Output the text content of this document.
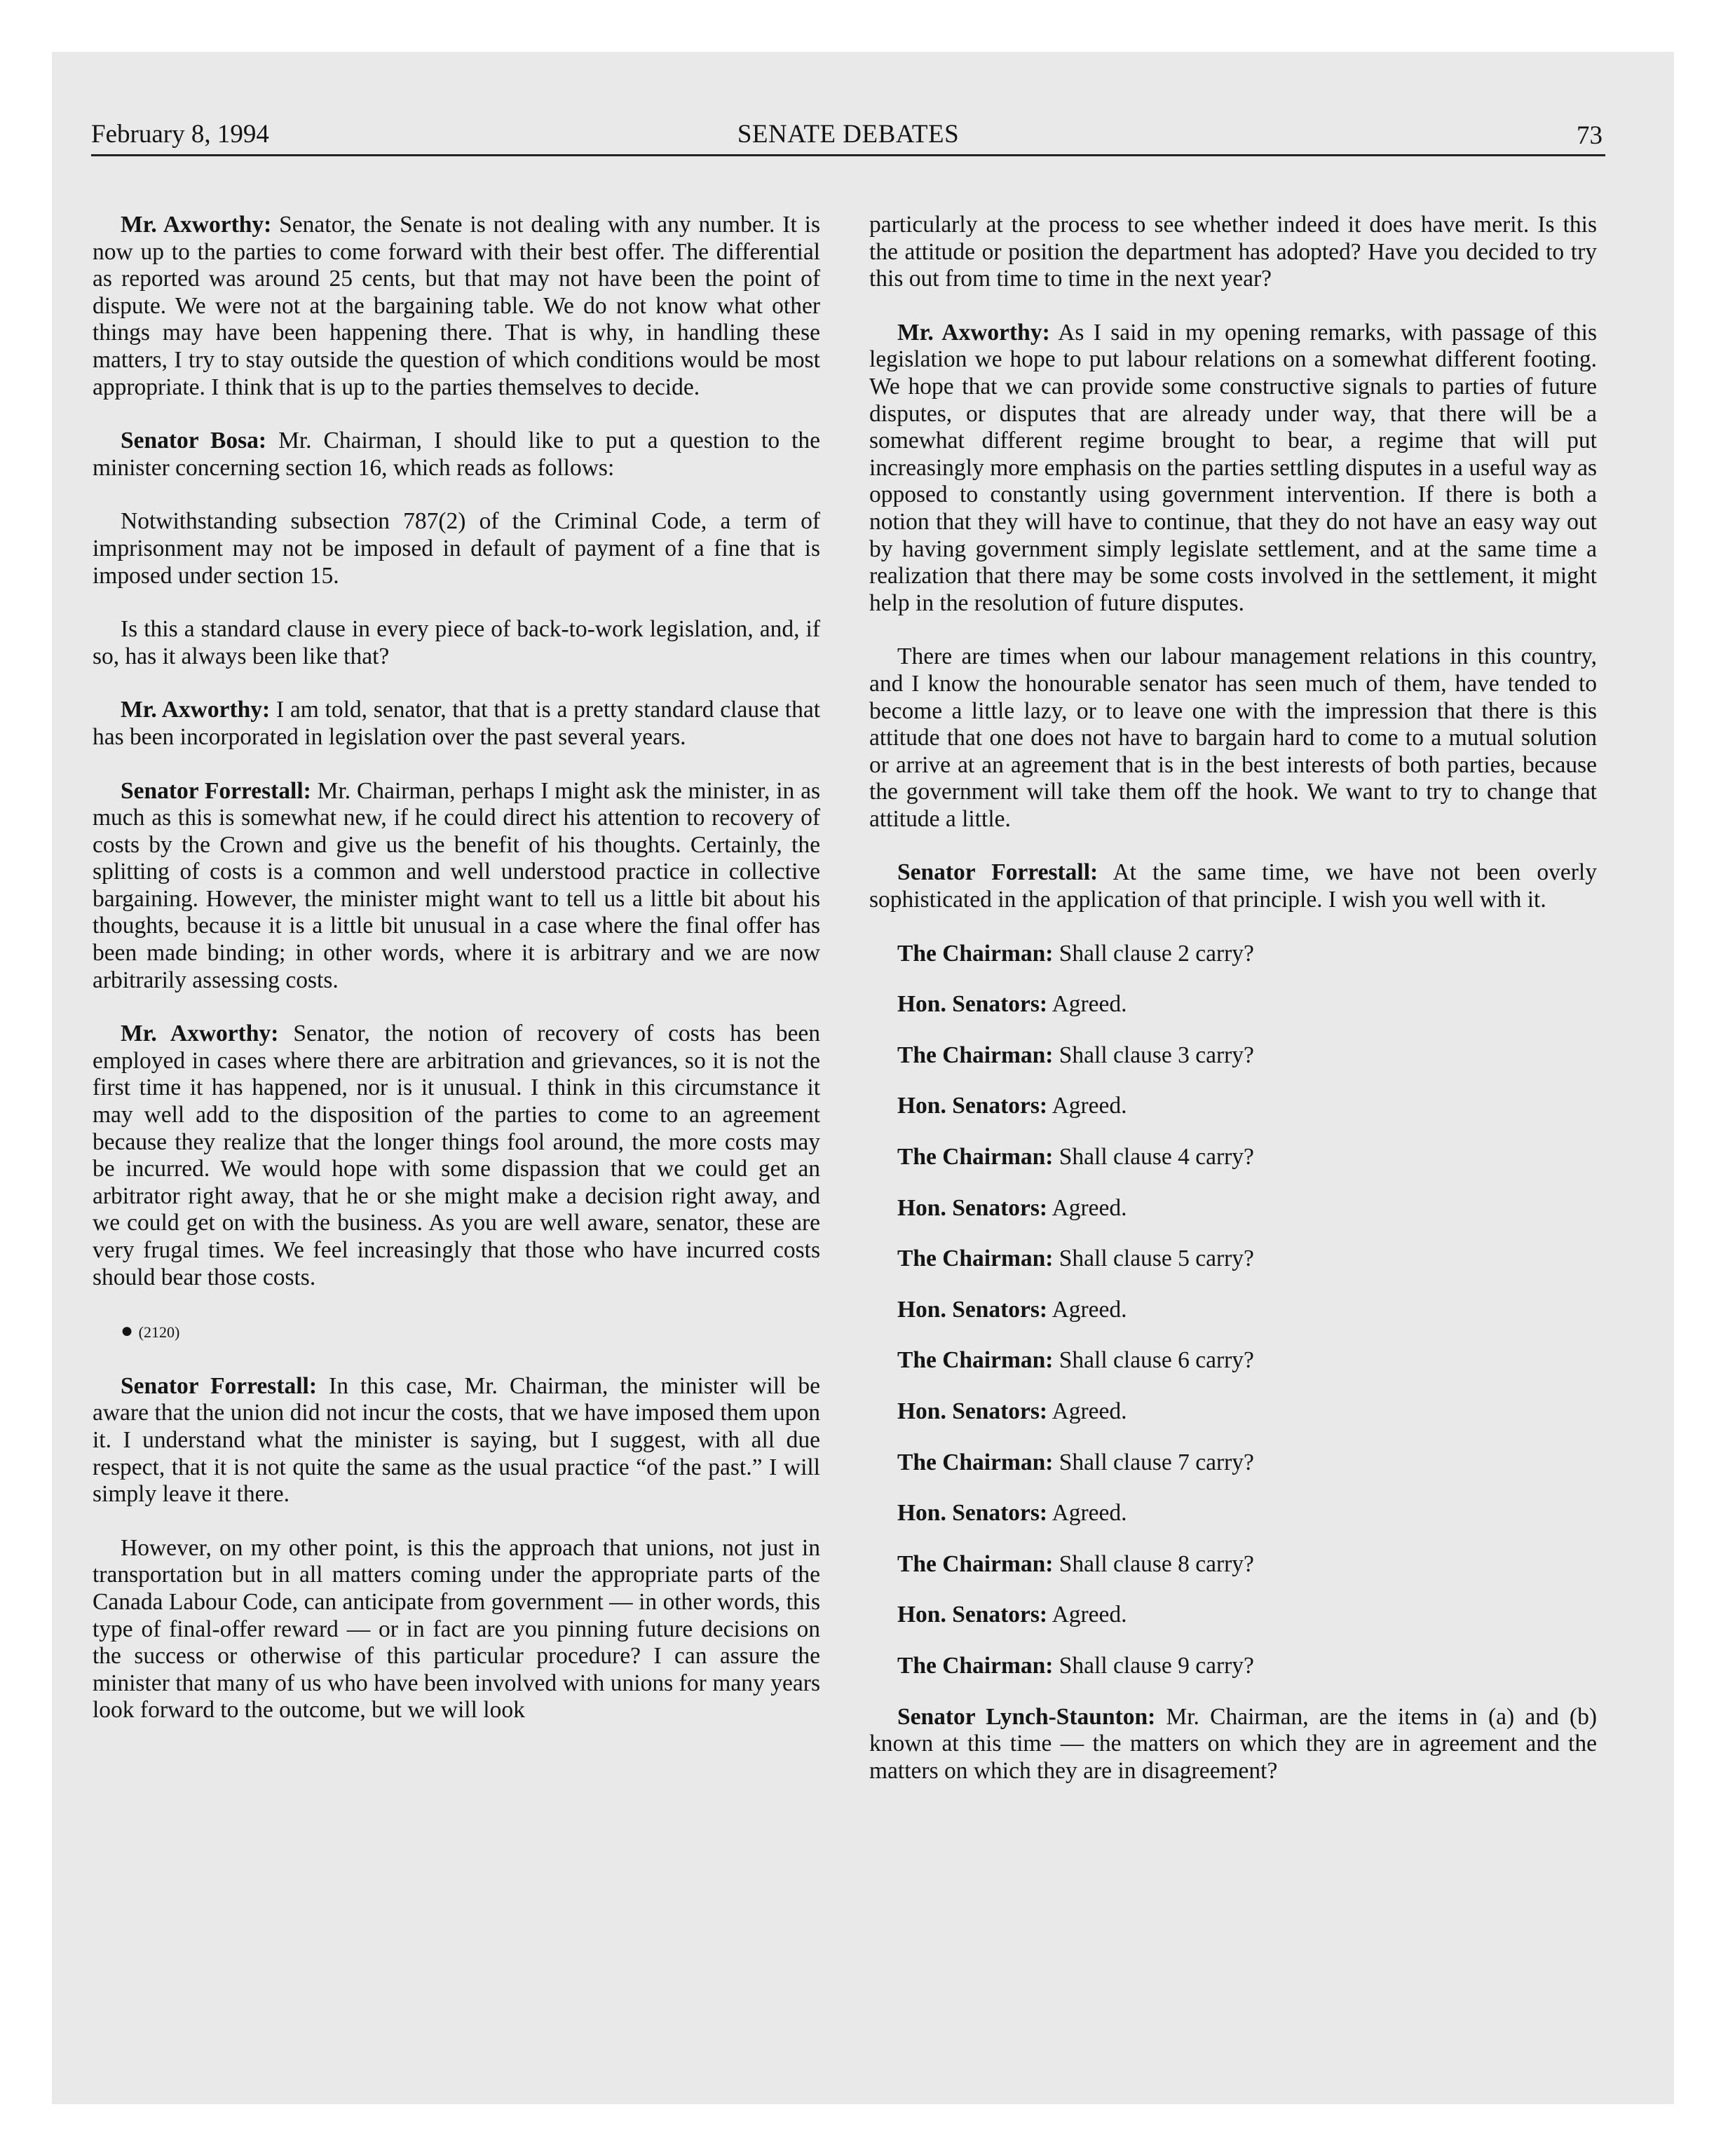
February 8, 1994	SENATE DEBATES	73

Mr. Axworthy: Senator, the Senate is not dealing with any number. It is now up to the parties to come forward with their best offer. The differential as reported was around 25 cents, but that may not have been the point of dispute. We were not at the bargaining table. We do not know what other things may have been happening there. That is why, in handling these matters, I try to stay outside the question of which conditions would be most appropriate. I think that is up to the parties themselves to decide.

Senator Bosa: Mr. Chairman, I should like to put a question to the minister concerning section 16, which reads as follows:

Notwithstanding subsection 787(2) of the Criminal Code, a term of imprisonment may not be imposed in default of payment of a fine that is imposed under section 15.

Is this a standard clause in every piece of back-to-work legislation, and, if so, has it always been like that?

Mr. Axworthy: I am told, senator, that that is a pretty standard clause that has been incorporated in legislation over the past several years.

Senator Forrestall: Mr. Chairman, perhaps I might ask the minister, in as much as this is somewhat new, if he could direct his attention to recovery of costs by the Crown and give us the benefit of his thoughts. Certainly, the splitting of costs is a common and well understood practice in collective bargaining. However, the minister might want to tell us a little bit about his thoughts, because it is a little bit unusual in a case where the final offer has been made binding; in other words, where it is arbitrary and we are now arbitrarily assessing costs.

Mr. Axworthy: Senator, the notion of recovery of costs has been employed in cases where there are arbitration and grievances, so it is not the first time it has happened, nor is it unusual. I think in this circumstance it may well add to the disposition of the parties to come to an agreement because they realize that the longer things fool around, the more costs may be incurred. We would hope with some dispassion that we could get an arbitrator right away, that he or she might make a decision right away, and we could get on with the business. As you are well aware, senator, these are very frugal times. We feel increasingly that those who have incurred costs should bear those costs.

● (2120)

Senator Forrestall: In this case, Mr. Chairman, the minister will be aware that the union did not incur the costs, that we have imposed them upon it. I understand what the minister is saying, but I suggest, with all due respect, that it is not quite the same as the usual practice “of the past.” I will simply leave it there.

However, on my other point, is this the approach that unions, not just in transportation but in all matters coming under the appropriate parts of the Canada Labour Code, can anticipate from government — in other words, this type of final-offer reward — or in fact are you pinning future decisions on the success or otherwise of this particular procedure? I can assure the minister that many of us who have been involved with unions for many years look forward to the outcome, but we will look

particularly at the process to see whether indeed it does have merit. Is this the attitude or position the department has adopted? Have you decided to try this out from time to time in the next year?

Mr. Axworthy: As I said in my opening remarks, with passage of this legislation we hope to put labour relations on a somewhat different footing. We hope that we can provide some constructive signals to parties of future disputes, or disputes that are already under way, that there will be a somewhat different regime brought to bear, a regime that will put increasingly more emphasis on the parties settling disputes in a useful way as opposed to constantly using government intervention. If there is both a notion that they will have to continue, that they do not have an easy way out by having government simply legislate settlement, and at the same time a realization that there may be some costs involved in the settlement, it might help in the resolution of future disputes.

There are times when our labour management relations in this country, and I know the honourable senator has seen much of them, have tended to become a little lazy, or to leave one with the impression that there is this attitude that one does not have to bargain hard to come to a mutual solution or arrive at an agreement that is in the best interests of both parties, because the government will take them off the hook. We want to try to change that attitude a little.

Senator Forrestall: At the same time, we have not been overly sophisticated in the application of that principle. I wish you well with it.

The Chairman: Shall clause 2 carry?

Hon. Senators: Agreed.

The Chairman: Shall clause 3 carry?

Hon. Senators: Agreed.

The Chairman: Shall clause 4 carry?

Hon. Senators: Agreed.

The Chairman: Shall clause 5 carry?

Hon. Senators: Agreed.

The Chairman: Shall clause 6 carry?

Hon. Senators: Agreed.

The Chairman: Shall clause 7 carry?

Hon. Senators: Agreed.

The Chairman: Shall clause 8 carry?

Hon. Senators: Agreed.

The Chairman: Shall clause 9 carry?

Senator Lynch-Staunton: Mr. Chairman, are the items in (a) and (b) known at this time — the matters on which they are in agreement and the matters on which they are in disagreement?
